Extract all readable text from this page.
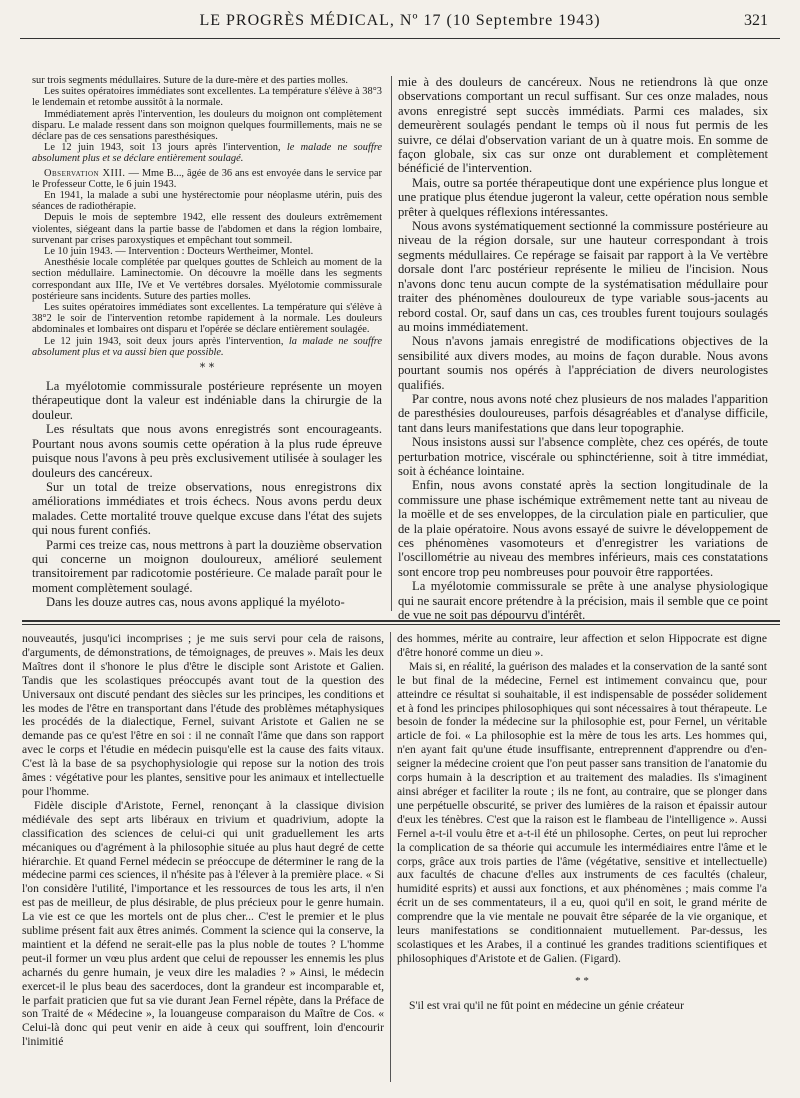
LE PROGRÈS MÉDICAL, Nº 17 (10 Septembre 1943)	321

sur trois segments médullaires. Suture de la dure-mère et des parties molles.

Les suites opératoires immédiates sont excellentes. La température s'élève à 38°3 le lendemain et retombe aussitôt à la normale.

Immédiatement après l'intervention, les douleurs du moignon ont complètement disparu. Le malade ressent dans son moignon quelques fourmillements, mais ne se déclare pas de ces sensations paresthésiques.

Le 12 juin 1943, soit 13 jours après l'intervention, le malade ne souffre absolument plus et se déclare entièrement soulagé.

Observation XIII. — Mme B..., âgée de 36 ans est envoyée dans le service par le Professeur Cotte, le 6 juin 1943.

En 1941, la malade a subi une hystérectomie pour néoplasme utérin, puis des séances de radiothérapie.

Depuis le mois de septembre 1942, elle ressent des douleurs extrêmement violentes, siégeant dans la partie basse de l'abdomen et dans la région lombaire, survenant par crises paroxystiques et empêchant tout sommeil.

Le 10 juin 1943. — Intervention : Docteurs Wertheimer, Montel.

Anesthésie locale complétée par quelques gouttes de Schleich au moment de la section médullaire. Laminectomie. On découvre la moëlle dans les segments correspondant aux IIIe, IVe et Ve vertébres dorsales. Myélotomie commissurale postérieure sans incidents. Suture des parties molles.

Les suites opératoires immédiates sont excellentes. La température qui s'élève à 38°2 le soir de l'intervention retombe rapidement à la normale. Les douleurs abdominales et lombaires ont disparu et l'opérée se déclare entièrement soulagée.

Le 12 juin 1943, soit deux jours après l'intervention, la malade ne souffre absolument plus et va aussi bien que possible.

* *

La myélotomie commissurale postérieure représente un moyen thérapeutique dont la valeur est indéniable dans la chirurgie de la douleur.

Les résultats que nous avons enregistrés sont encourageants. Pourtant nous avons soumis cette opération à la plus rude épreuve puisque nous l'avons à peu près exclusivement utilisée à soulager les douleurs des cancéreux.

Sur un total de treize observations, nous enregistrons dix améliorations immédiates et trois échecs. Nous avons perdu deux malades. Cette mortalité trouve quelque excuse dans l'état des sujets qui nous furent confiés.

Parmi ces treize cas, nous mettrons à part la douzième observation qui concerne un moignon douloureux, amélioré seulement transitoirement par radicotomie postérieure. Ce malade paraît pour le moment complètement soulagé.

Dans les douze autres cas, nous avons appliqué la myéloto-

mie à des douleurs de cancéreux. Nous ne retiendrons là que onze observations comportant un recul suffisant. Sur ces onze malades, nous avons enregistré sept succès immédiats. Parmi ces malades, six demeurèrent soulagés pendant le temps où il nous fut permis de les suivre, ce délai d'observation variant de un à quatre mois. En somme de façon globale, six cas sur onze ont durablement et complètement bénéficié de l'intervention.

Mais, outre sa portée thérapeutique dont une expérience plus longue et une pratique plus étendue jugeront la valeur, cette opération nous semble prêter à quelques réflexions intéressantes.

Nous avons systématiquement sectionné la commissure postérieure au niveau de la région dorsale, sur une hauteur correspondant à trois segments médullaires. Ce repérage se faisait par rapport à la Ve vertèbre dorsale dont l'arc postérieur représente le milieu de l'incision. Nous n'avons donc tenu aucun compte de la systématisation médullaire pour traiter des phénomènes douloureux de type variable sous-jacents au rebord costal. Or, sauf dans un cas, ces troubles furent toujours soulagés au moins immédiatement.

Nous n'avons jamais enregistré de modifications objectives de la sensibilité aux divers modes, au moins de façon durable. Nous avons pourtant soumis nos opérés à l'appréciation de divers neurologistes qualifiés.

Par contre, nous avons noté chez plusieurs de nos malades l'apparition de paresthésies douloureuses, parfois désagréables et d'analyse difficile, tant dans leurs manifestations que dans leur topographie.

Nous insistons aussi sur l'absence complète, chez ces opérés, de toute perturbation motrice, viscérale ou sphinctérienne, soit à titre immédiat, soit à échéance lointaine.

Enfin, nous avons constaté après la section longitudinale de la commissure une phase ischémique extrêmement nette tant au niveau de la moëlle et de ses enveloppes, de la circulation piale en particulier, que de la plaie opératoire. Nous avons essayé de suivre le développement de ces phénomènes vasomoteurs et d'enregistrer les variations de l'oscillométrie au niveau des membres inférieurs, mais ces constatations sont encore trop peu nombreuses pour pouvoir être rapportées.

La myélotomie commissurale se prête à une analyse physiologique qui ne saurait encore prétendre à la précision, mais il semble que ce point de vue ne soit pas dépourvu d'intérêt.

nouveautés, jusqu'ici incomprises ; je me suis servi pour cela de raisons, d'arguments, de démonstrations, de témoignages, de preuves ». Mais les deux Maîtres dont il s'honore le plus d'être le disciple sont Aristote et Galien. Tandis que les scolastiques préoccupés avant tout de la question des Universaux ont discuté pendant des siècles sur les principes, les conditions et les modes de l'être en transportant dans l'étude des problèmes métaphysiques les procédés de la dialectique, Fernel, suivant Aristote et Galien ne se demande pas ce qu'est l'être en soi : il ne connaît l'âme que dans son rapport avec le corps et l'étudie en médecin puisqu'elle est la cause des faits vitaux. C'est là la base de sa psychophysiologie qui repose sur la notion des trois âmes : végétative pour les plantes, sensitive pour les animaux et intellectuelle pour l'homme.

Fidèle disciple d'Aristote, Fernel, renonçant à la classique division médiévale des sept arts libéraux en trivium et quadrivium, adopte la classification des sciences de celui-ci qui unit graduellement les arts mécaniques ou d'agrément à la philosophie située au plus haut degré de cette hiérarchie. Et quand Fernel médecin se préoccupe de déterminer le rang de la médecine parmi ces sciences, il n'hésite pas à l'élever à la première place. « Si l'on considère l'utilité, l'importance et les ressources de tous les arts, il n'en est pas de meilleur, de plus désirable, de plus précieux pour le genre humain. La vie est ce que les mortels ont de plus cher... C'est le premier et le plus sublime présent fait aux êtres animés. Comment la science qui la conserve, la maintient et la défend ne serait-elle pas la plus noble de toutes ? L'homme peut-il former un vœu plus ardent que celui de repousser les ennemis les plus acharnés du genre humain, je veux dire les maladies ? » Ainsi, le médecin exercet-il le plus beau des sacerdoces, dont la grandeur est incomparable et, le parfait praticien que fut sa vie durant Jean Fernel répète, dans la Préface de son Traité de « Médecine », la louangeuse comparaison du Maître de Cos. « Celui-là donc qui peut venir en aide à ceux qui souffrent, loin d'encourir l'inimitié

des hommes, mérite au contraire, leur affection et selon Hippocrate est digne d'être honoré comme un dieu ».

Mais si, en réalité, la guérison des malades et la conservation de la santé sont le but final de la médecine, Fernel est intimement convaincu que, pour atteindre ce résultat si souhaitable, il est indispensable de posséder solidement et à fond les principes philosophiques qui sont nécessaires à tout thérapeute. Le besoin de fonder la médecine sur la philosophie est, pour Fernel, un véritable article de foi. « La philosophie est la mère de tous les arts. Les hommes qui, n'en ayant fait qu'une étude insuffisante, entreprennent d'apprendre ou d'enseigner la médecine croient que l'on peut passer sans transition de l'anatomie du corps humain à la description et au traitement des maladies. Ils s'imaginent ainsi abréger et faciliter la route ; ils ne font, au contraire, que se plonger dans une perpétuelle obscurité, se priver des lumières de la raison et épaissir autour d'eux les ténèbres. C'est que la raison est le flambeau de l'intelligence ». Aussi Fernel a-t-il voulu être et a-t-il été un philosophe. Certes, on peut lui reprocher la complication de sa théorie qui accumule les intermédiaires entre l'âme et le corps, grâce aux trois parties de l'âme (végétative, sensitive et intellectuelle) aux facultés de chacune d'elles aux instruments de ces facultés (chaleur, humidité esprits) et aussi aux fonctions, et aux phénomènes ; mais comme l'a écrit un de ses commentateurs, il a eu, quoi qu'il en soit, le grand mérite de comprendre que la vie mentale ne pouvait être séparée de la vie organique, et leurs manifestations se conditionnaient mutuellement. Par-dessus, les scolastiques et les Arabes, il a continué les grandes traditions scientifiques et philosophiques d'Aristote et de Galien. (Figard).

* *

S'il est vrai qu'il ne fût point en médecine un génie créateur
